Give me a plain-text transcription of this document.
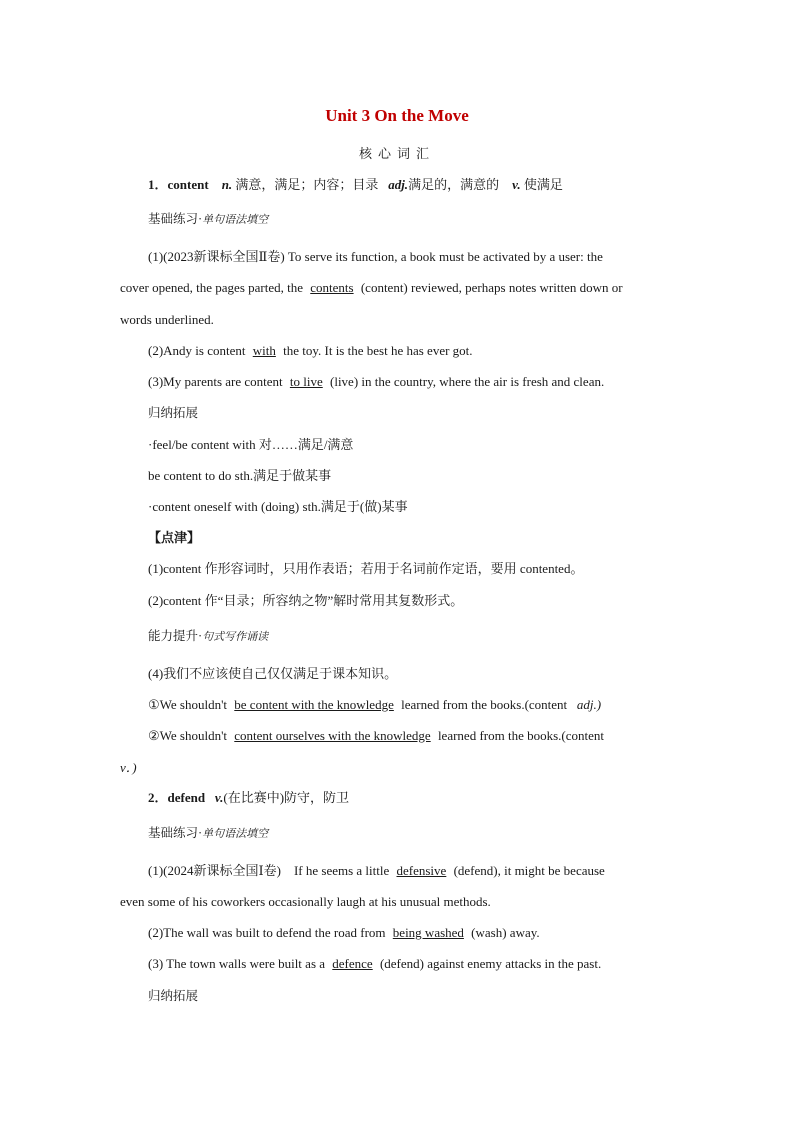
Unit 3 On the Move
核心词汇
1．content n. 满意，满足；内容；目录 adj.满足的，满意的 v. 使满足
基础练习·单句语法填空
(1)(2023新课标全国Ⅱ卷) To serve its function, a book must be activated by a user: the
cover opened, the pages parted, the contents (content) reviewed, perhaps notes written down or
words underlined.
(2)Andy is content with the toy. It is the best he has ever got.
(3)My parents are content to live (live) in the country, where the air is fresh and clean.
归纳拓展
·feel/be content with 对……满足/满意
be content to do sth.满足于做某事
·content oneself with (doing) sth.满足于(做)某事
【点津】
(1)content 作形容词时，只用作表语；若用于名词前作定语，要用 contented。
(2)content 作“目录；所容纳之物”解时常用其复数形式。
能力提升·句式写作诵读
(4)我们不应该使自己仅仅满足于课本知识。
①We shouldn't be content with the knowledge learned from the books.(content adj.)
②We shouldn't content ourselves with the knowledge learned from the books.(content
v．)
2．defend v.(在比赛中)防守，防卫
基础练习·单句语法填空
(1)(2024新课标全国Ⅰ卷)　If he seems a little defensive (defend), it might be because
even some of his coworkers occasionally laugh at his unusual methods.
(2)The wall was built to defend the road from being washed (wash) away.
(3) The town walls were built as a defence (defend) against enemy attacks in the past.
归纳拓展
